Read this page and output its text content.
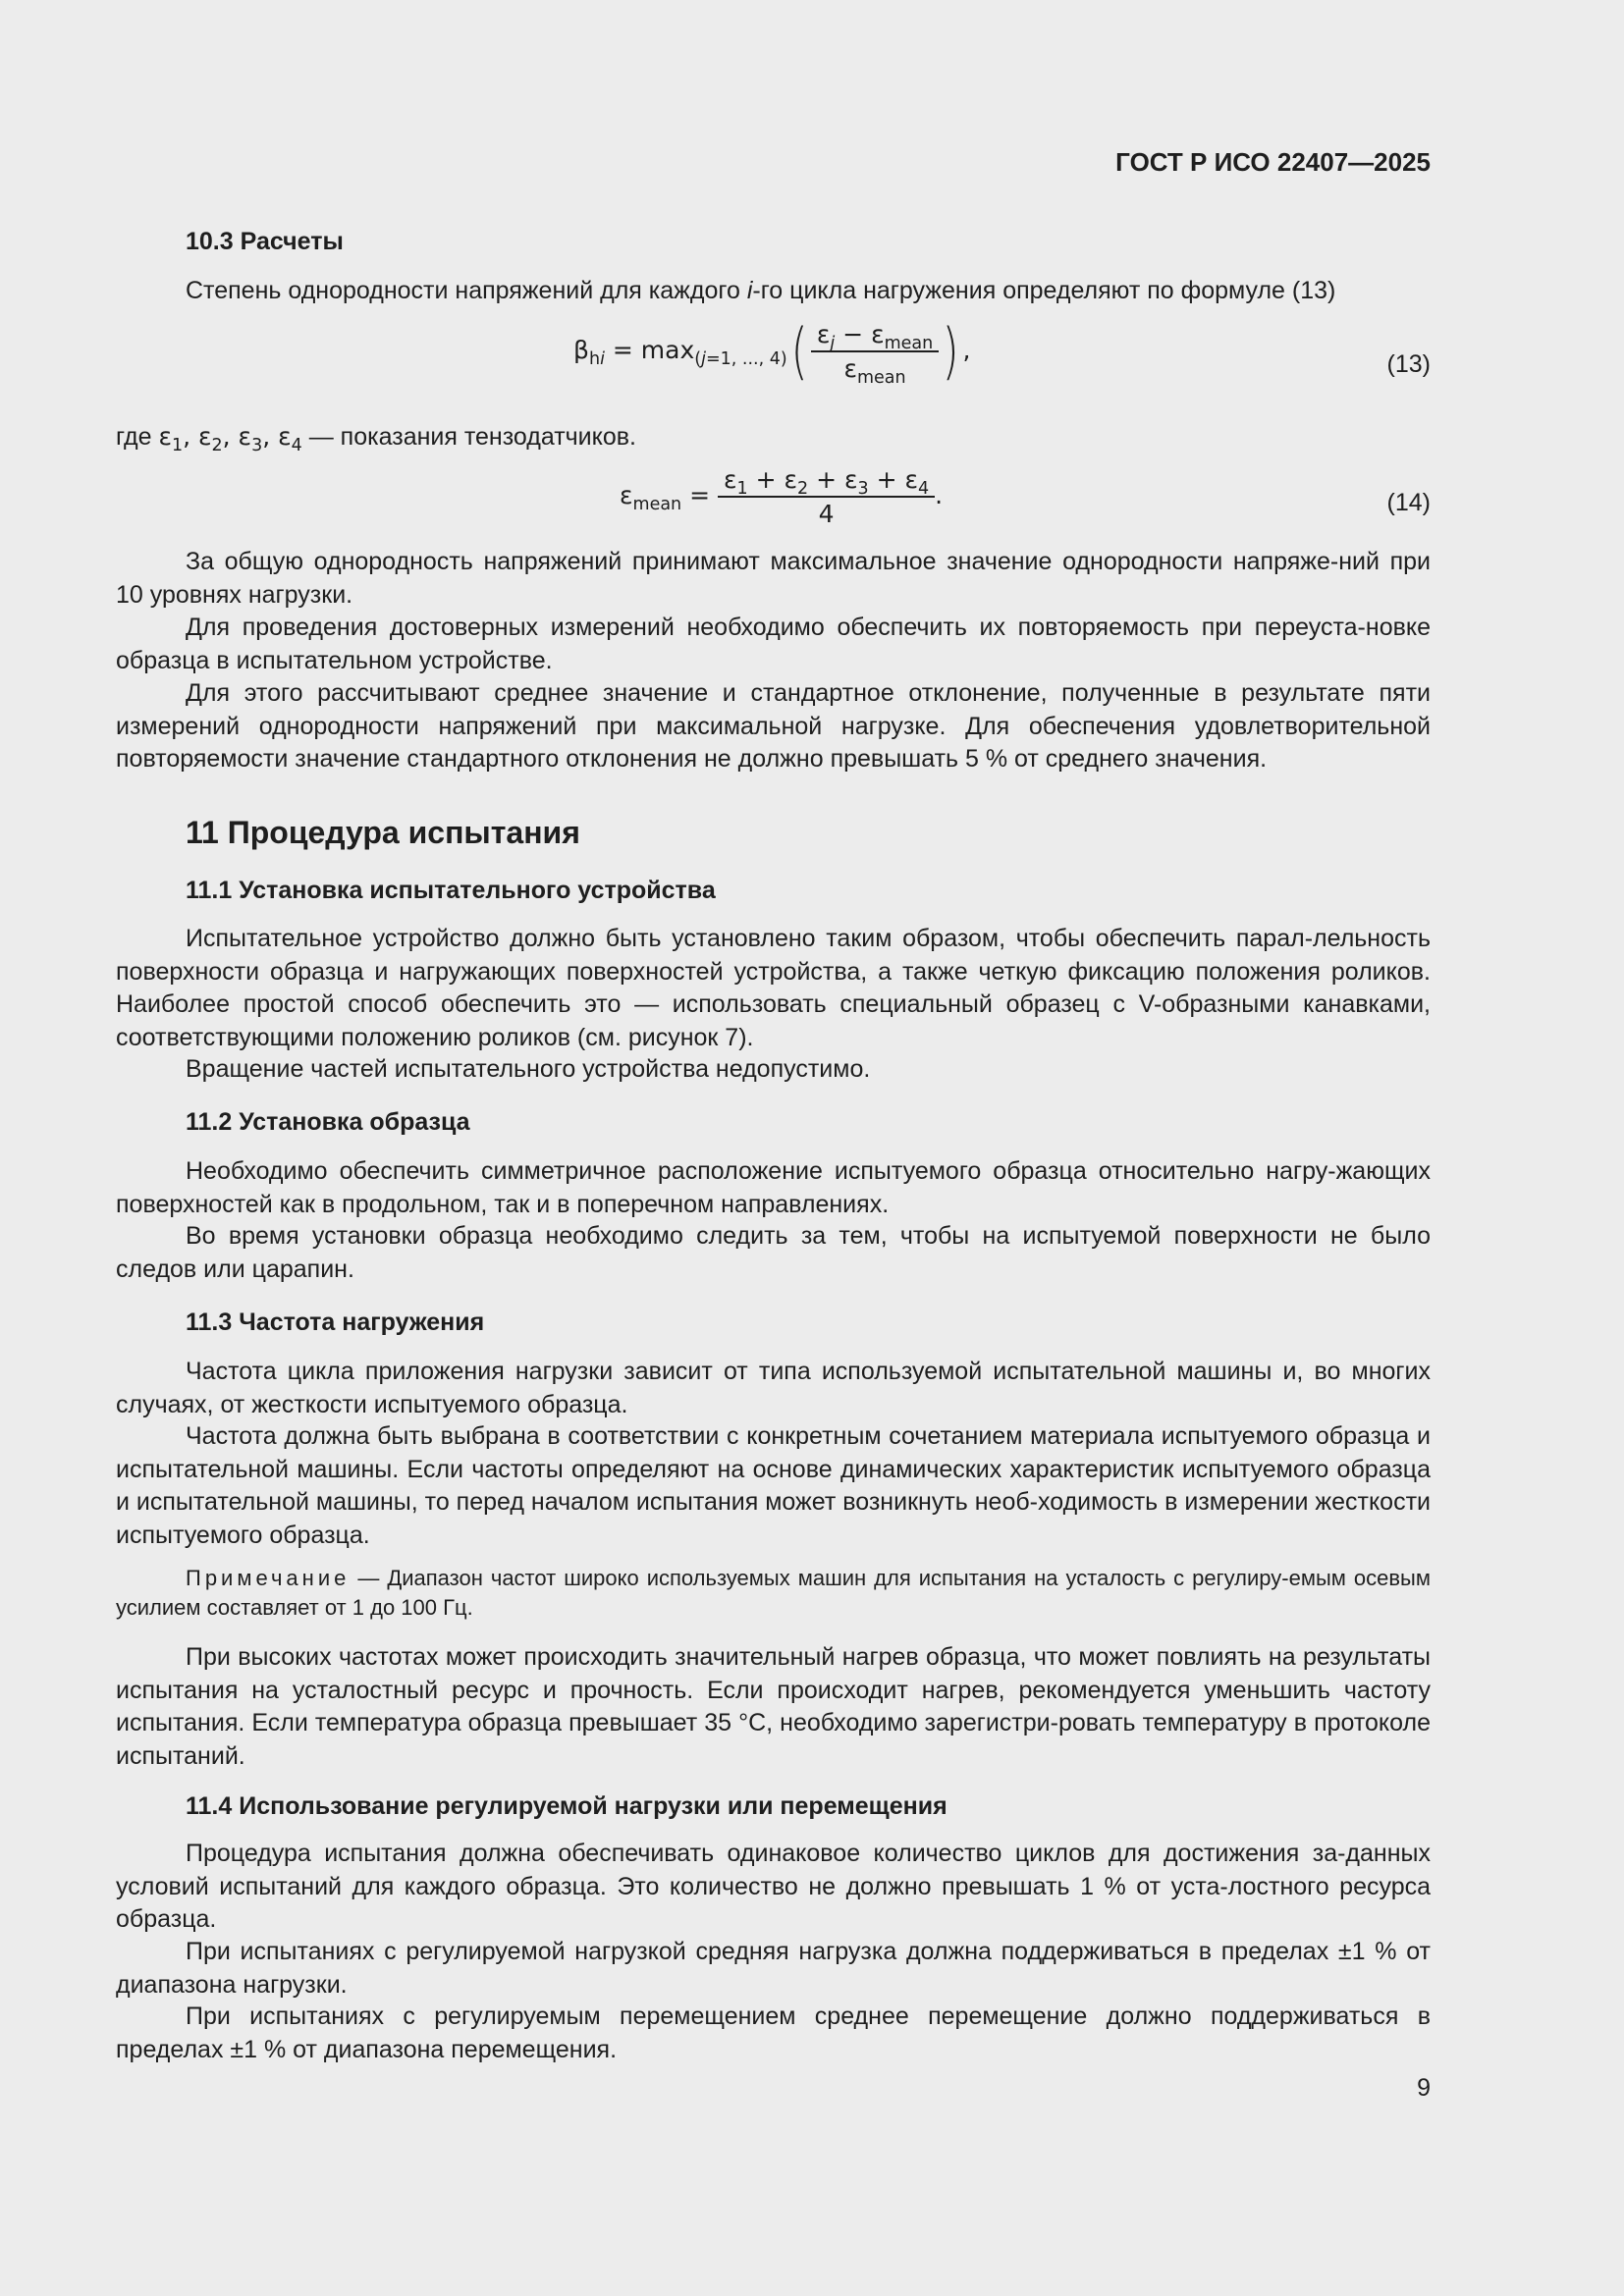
ГОСТ Р ИСО 22407—2025
10.3 Расчеты

Степень однородности напряжений для каждого i-го цикла нагружения определяют по формуле (13)

$\beta_{hi} = \max_{(j=1, ..., 4)}( \frac{\varepsilon_j - \varepsilon_{mean}}{\varepsilon_{mean}}$ ) ,	(13)
где $\varepsilon_1$, $\varepsilon_2$, $\varepsilon_3$, $\varepsilon_4$ — показания тензодатчиков.
$\varepsilon_{mean} = \frac{\varepsilon_1 + \varepsilon_2 + \varepsilon_3 + \varepsilon_4}{4}$ .	(14)

За общую однородность напряжений принимают максимальное значение однородности напряже-ний при 10 уровнях нагрузки.

Для проведения достоверных измерений необходимо обеспечить их повторяемость при переуста-новке образца в испытательном устройстве.

Для этого рассчитывают среднее значение и стандартное отклонение, полученные в результате пяти измерений однородности напряжений при максимальной нагрузке. Для обеспечения удовлетворительной повторяемости значение стандартного отклонения не должно превышать 5 % от среднего значения.

11 Процедура испытания
11.1 Установка испытательного устройства

Испытательное устройство должно быть установлено таким образом, чтобы обеспечить парал-лельность поверхности образца и нагружающих поверхностей устройства, а также четкую фиксацию положения роликов. Наиболее простой способ обеспечить это — использовать специальный образец с V-образными канавками, соответствующими положению роликов (см. рисунок 7).

Вращение частей испытательного устройства недопустимо.

11.2 Установка образца

Необходимо обеспечить симметричное расположение испытуемого образца относительно нагру-жающих поверхностей как в продольном, так и в поперечном направлениях.

Во время установки образца необходимо следить за тем, чтобы на испытуемой поверхности не было следов или царапин.

11.3 Частота нагружения

Частота цикла приложения нагрузки зависит от типа используемой испытательной машины и, во многих случаях, от жесткости испытуемого образца.

Частота должна быть выбрана в соответствии с конкретным сочетанием материала испытуемого образца и испытательной машины. Если частоты определяют на основе динамических характеристик испытуемого образца и испытательной машины, то перед началом испытания может возникнуть необ-ходимость в измерении жесткости испытуемого образца.

Примечание — Диапазон частот широко используемых машин для испытания на усталость с регулиру-емым осевым усилием составляет от 1 до 100 Гц.

При высоких частотах может происходить значительный нагрев образца, что может повлиять на результаты испытания на усталостный ресурс и прочность. Если происходит нагрев, рекомендуется уменьшить частоту испытания. Если температура образца превышает 35 °С, необходимо зарегистри-ровать температуру в протоколе испытаний.

11.4 Использование регулируемой нагрузки или перемещения

Процедура испытания должна обеспечивать одинаковое количество циклов для достижения за-данных условий испытаний для каждого образца. Это количество не должно превышать 1 % от уста-лостного ресурса образца.

При испытаниях с регулируемой нагрузкой средняя нагрузка должна поддерживаться в пределах ±1 % от диапазона нагрузки.

При испытаниях с регулируемым перемещением среднее перемещение должно поддерживаться в пределах ±1 % от диапазона перемещения.

9
